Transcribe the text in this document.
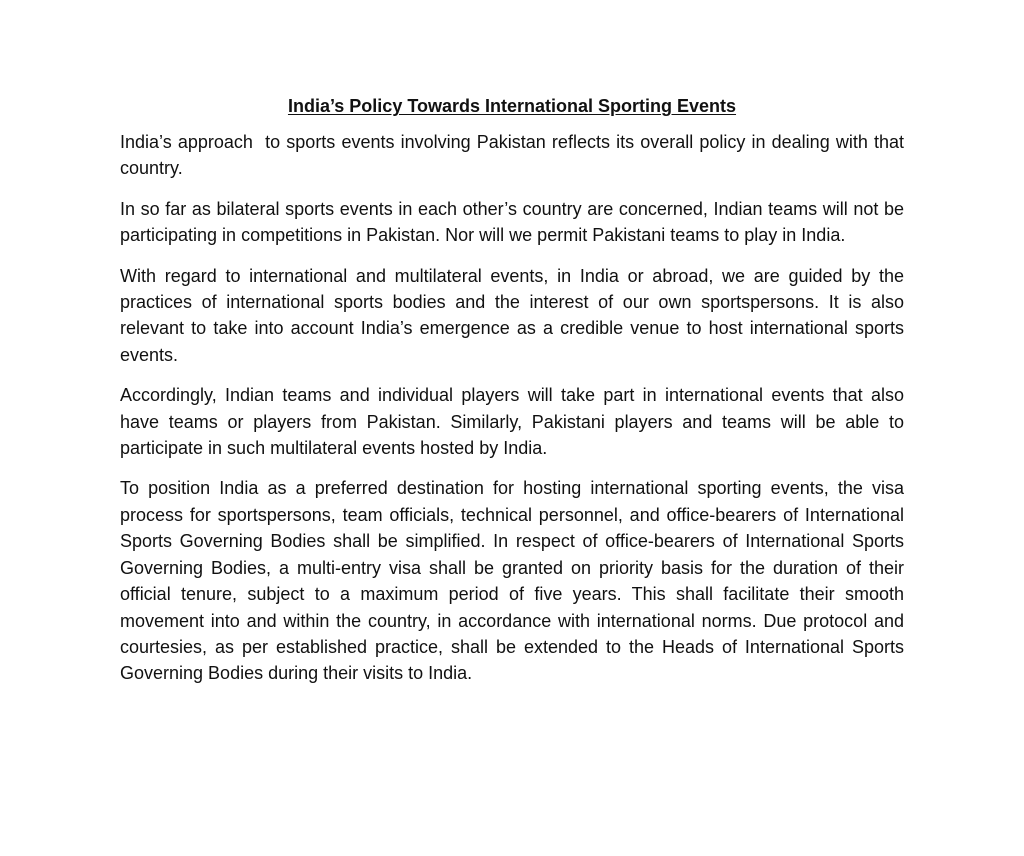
India’s Policy Towards International Sporting Events

India’s approach  to sports events involving Pakistan reflects its overall policy in dealing with that country.

In so far as bilateral sports events in each other’s country are concerned, Indian teams will not be participating in competitions in Pakistan. Nor will we permit Pakistani teams to play in India.

With regard to international and multilateral events, in India or abroad, we are guided by the practices of international sports bodies and the interest of our own sportspersons. It is also relevant to take into account India’s emergence as a credible venue to host international sports events.

Accordingly, Indian teams and individual players will take part in international events that also have teams or players from Pakistan. Similarly, Pakistani players and teams will be able to participate in such multilateral events hosted by India.

To position India as a preferred destination for hosting international sporting events, the visa process for sportspersons, team officials, technical personnel, and office-bearers of International Sports Governing Bodies shall be simplified. In respect of office-bearers of International Sports Governing Bodies, a multi-entry visa shall be granted on priority basis for the duration of their official tenure, subject to a maximum period of five years. This shall facilitate their smooth movement into and within the country, in accordance with international norms. Due protocol and courtesies, as per established practice, shall be extended to the Heads of International Sports Governing Bodies during their visits to India.
